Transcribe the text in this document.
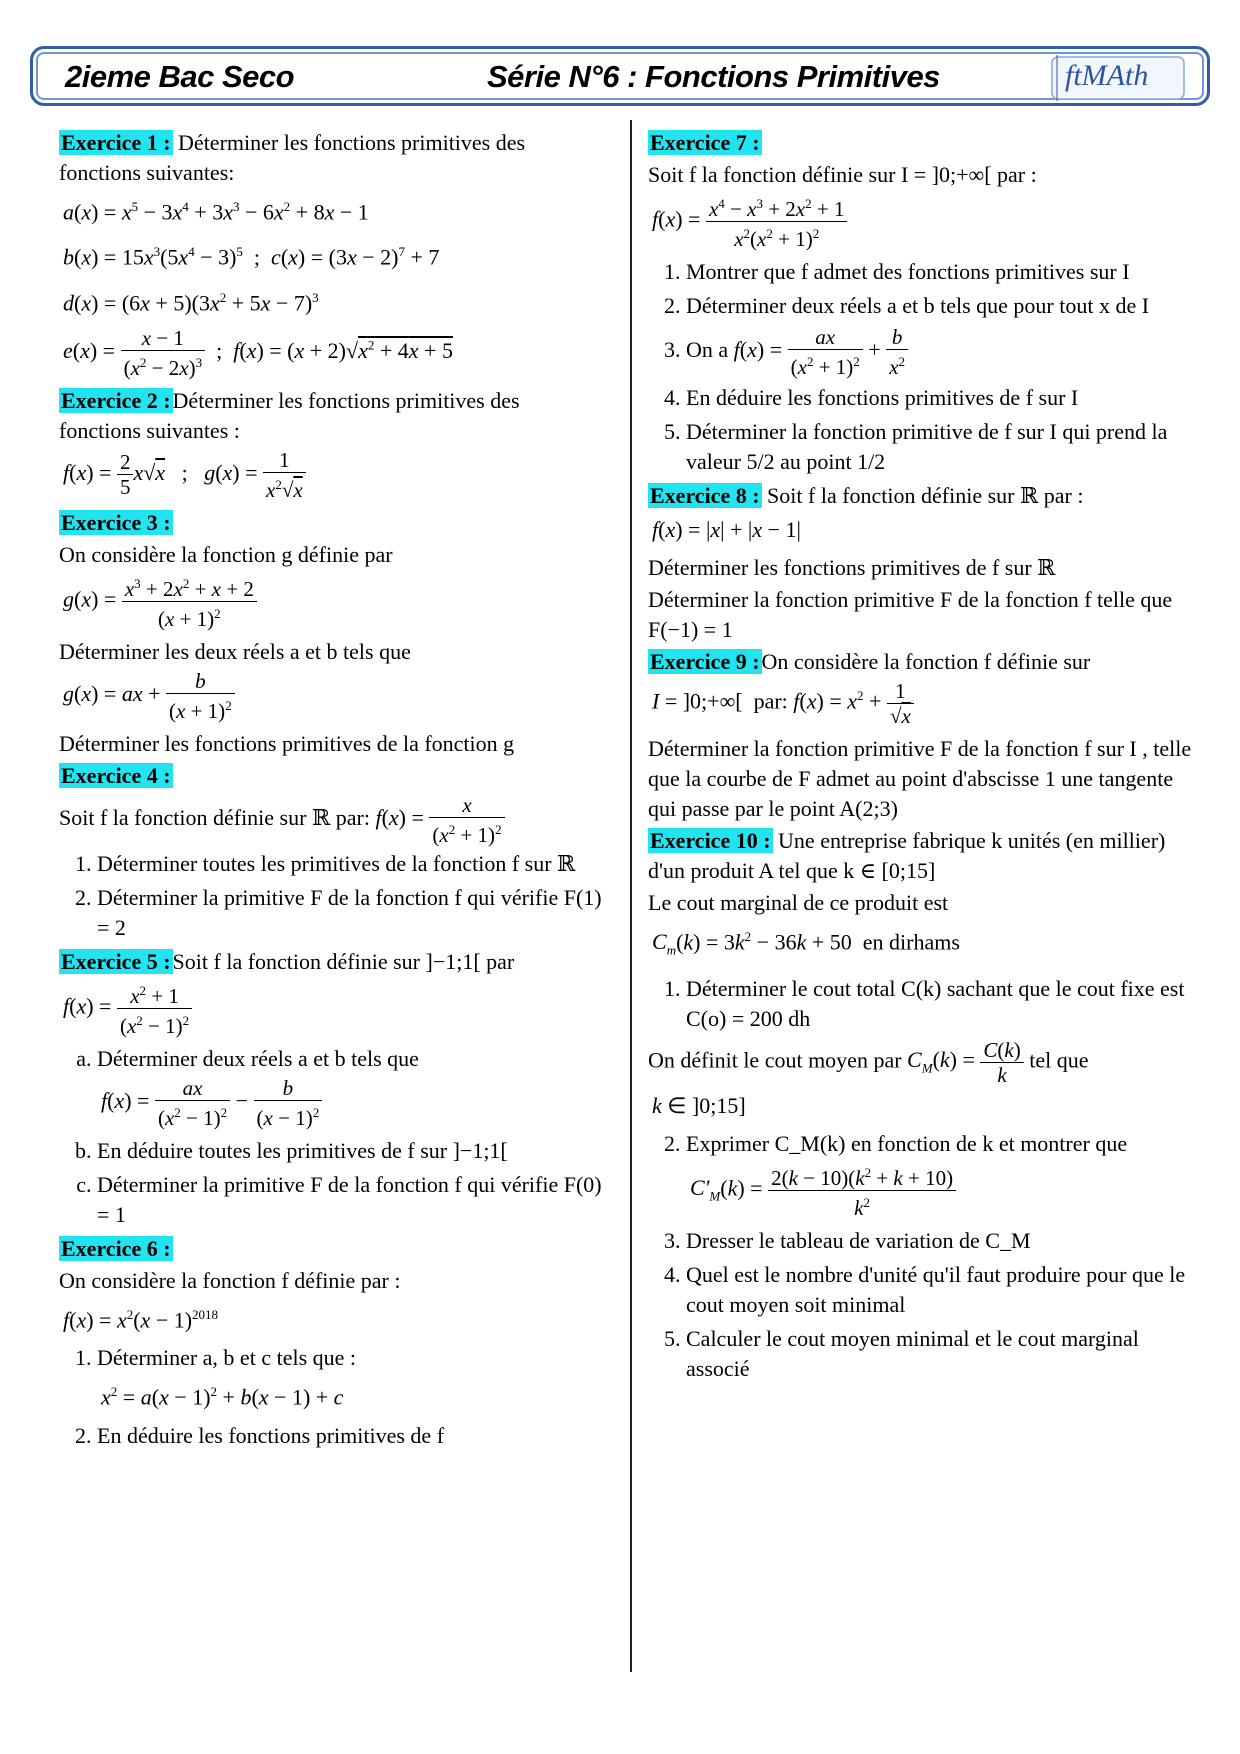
2ieme Bac Seco	Série N°6 : Fonctions Primitives	ftMAth

Exercice 1 : Déterminer les fonctions primitives des fonctions suivantes:

$a(x) = x^5 - 3x^4 + 3x^3 - 6x^2 + 8x - 1$
$b(x) = 15x^3(5x^4 - 3)^5$  ;  $c(x) = (3x - 2)^7 + 7$
$d(x) = (6x + 5)(3x^2 + 5x - 7)^3$
$e(x) = \frac{x - 1}{(x^2 - 2x)^3}$ ;  $f(x) = (x + 2)√x^2 + 4x + 5$

Exercice 2 :Déterminer les fonctions primitives des fonctions suivantes :

$f(x) = \frac{2}{5} x√x$   ;   $g(x) = \frac{1}{x^2√x}$

Exercice 3 :

On considère la fonction g définie par

$g(x) = \frac{x^3 + 2x^2 + x + 2}{(x + 1)^2}$

Déterminer les deux réels a et b tels que

g(x) = ax + $\frac{b}{(x + 1)^2}$

Déterminer les fonctions primitives de la fonction g

Exercice 4 :

Soit f la fonction définie sur ℝ par: $f(x) = \frac{x}{(x^2 + 1)^2}$

1. Déterminer toutes les primitives de la fonction f sur ℝ
2. Déterminer la primitive F de la fonction f qui vérifie F(1) = 2

Exercice 5 :Soit f la fonction définie sur ]−1;1[ par

$f(x) = \frac{x^2 + 1}{(x^2 - 1)^2}$
a. Déterminer deux réels a et b tels que
$f(x) = \frac{ax}{(x^2 - 1)^2} - \frac{b}{(x - 1)^2}$
b. En déduire toutes les primitives de f sur ]−1;1[
c. Déterminer la primitive F de la fonction f qui vérifie F(0) = 1

Exercice 6 :

On considère la fonction f définie par :

$f(x) = x^2(x - 1)^{2018}$
1. Déterminer a, b et c tels que :
$x^2 = a(x - 1)^2 + b(x - 1) + c$
2. En déduire les fonctions primitives de f

Exercice 7 :

Soit f la fonction définie sur I = ]0;+∞[ par :

$f(x) = \frac{x^4 - x^3 + 2x^2 + 1}{x^2(x^2 + 1)^2}$
1. Montrer que f admet des fonctions primitives sur I
2. Déterminer deux réels a et b tels que pour tout x de I
3. On a $f(x) = \frac{ax}{(x^2 + 1)^2} + \frac{b}{x^2}$
4. En déduire les fonctions primitives de f sur I
5. Déterminer la fonction primitive de f sur I qui prend la valeur 5/2 au point 1/2

Exercice 8 : Soit f la fonction définie sur ℝ par :

f(x) = |x| + |x − 1|

Déterminer les fonctions primitives de f sur ℝ

Déterminer la fonction primitive F de la fonction f telle que F(−1) = 1

Exercice 9 :On considère la fonction f définie sur

I = ]0;+∞[  par: $f(x) = x^2 + \frac{1}{√x}$

Déterminer la fonction primitive F de la fonction f sur I , telle que la courbe de F admet au point d'abscisse 1 une tangente qui passe par le point A(2;3)

Exercice 10 : Une entreprise fabrique k unités (en millier) d'un produit A tel que k ∈ [0;15]

Le cout marginal de ce produit est

$C_m(k) = 3k^2 - 36k + 50$  en dirhams
1. Déterminer le cout total C(k) sachant que le cout fixe est C(o) = 200 dh

On définit le cout moyen par $C_M(k) = \frac{C(k)}{k}$ tel que

k ∈ ]0;15]
2. Exprimer C_M(k) en fonction de k et montrer que
$C'_M(k) = \frac{2(k - 10)(k^2 + k + 10)}{k^2}$
3. Dresser le tableau de variation de C_M
4. Quel est le nombre d'unité qu'il faut produire pour que le cout moyen soit minimal
5. Calculer le cout moyen minimal et le cout marginal associé
